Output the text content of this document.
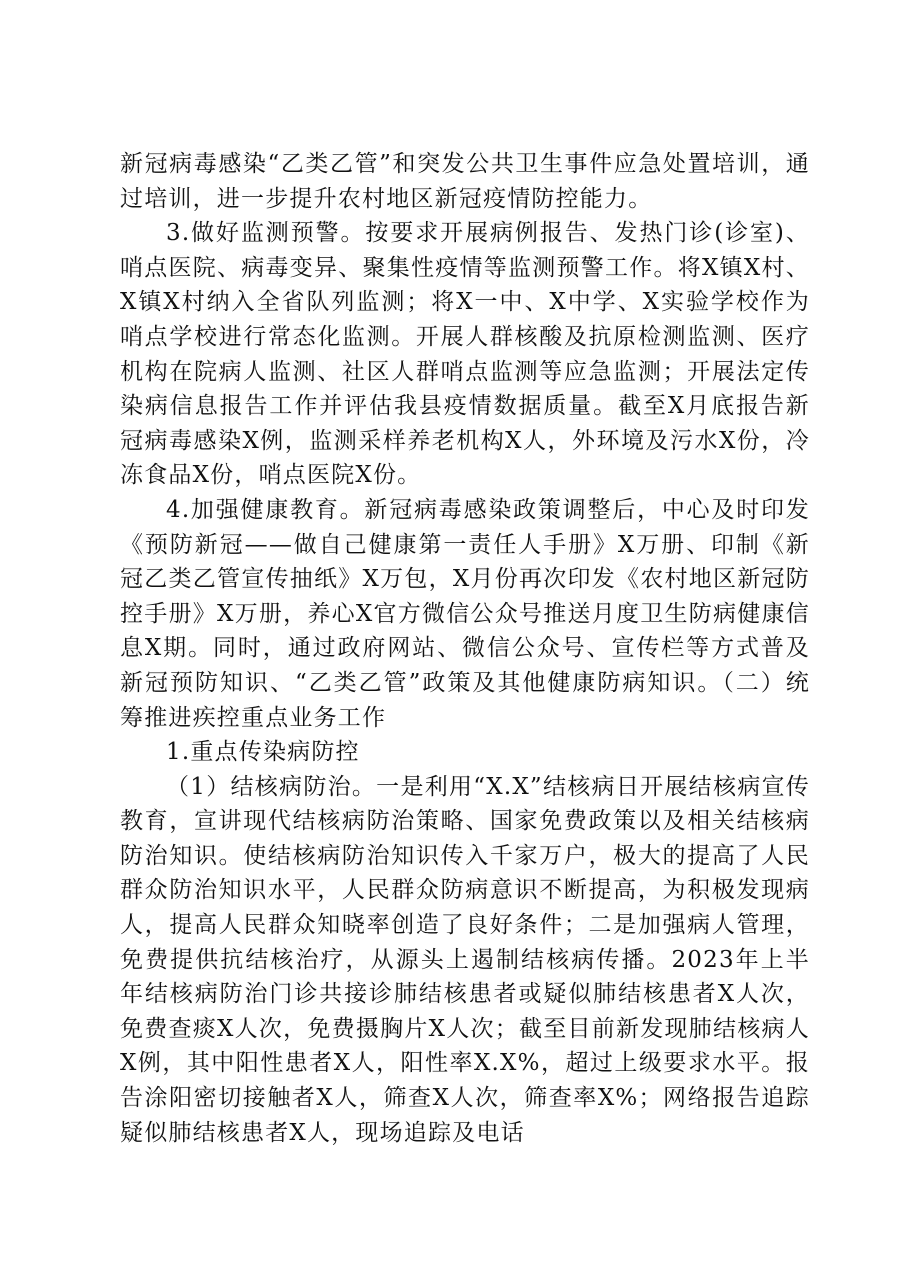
新冠病毒感染“乙类乙管”和突发公共卫生事件应急处置培训，通过培训，进一步提升农村地区新冠疫情防控能力。

3.做好监测预警。按要求开展病例报告、发热门诊(诊室)、哨点医院、病毒变异、聚集性疫情等监测预警工作。将X镇X村、X镇X村纳入全省队列监测；将X一中、X中学、X实验学校作为哨点学校进行常态化监测。开展人群核酸及抗原检测监测、医疗机构在院病人监测、社区人群哨点监测等应急监测；开展法定传染病信息报告工作并评估我县疫情数据质量。截至X月底报告新冠病毒感染X例，监测采样养老机构X人，外环境及污水X份，冷冻食品X份，哨点医院X份。

4.加强健康教育。新冠病毒感染政策调整后，中心及时印发《预防新冠——做自己健康第一责任人手册》X万册、印制《新冠乙类乙管宣传抽纸》X万包，X月份再次印发《农村地区新冠防控手册》X万册，养心X官方微信公众号推送月度卫生防病健康信息X期。同时，通过政府网站、微信公众号、宣传栏等方式普及新冠预防知识、“乙类乙管”政策及其他健康防病知识。（二）统筹推进疾控重点业务工作

1.重点传染病防控

（1）结核病防治。一是利用“X.X”结核病日开展结核病宣传教育，宣讲现代结核病防治策略、国家免费政策以及相关结核病防治知识。使结核病防治知识传入千家万户，极大的提高了人民群众防治知识水平，人民群众防病意识不断提高，为积极发现病人，提高人民群众知晓率创造了良好条件；二是加强病人管理，免费提供抗结核治疗，从源头上遏制结核病传播。2023年上半年结核病防治门诊共接诊肺结核患者或疑似肺结核患者X人次，免费查痰X人次，免费摄胸片X人次；截至目前新发现肺结核病人X例，其中阳性患者X人，阳性率X.X%，超过上级要求水平。报告涂阳密切接触者X人，筛查X人次，筛查率X%；网络报告追踪疑似肺结核患者X人，现场追踪及电话
